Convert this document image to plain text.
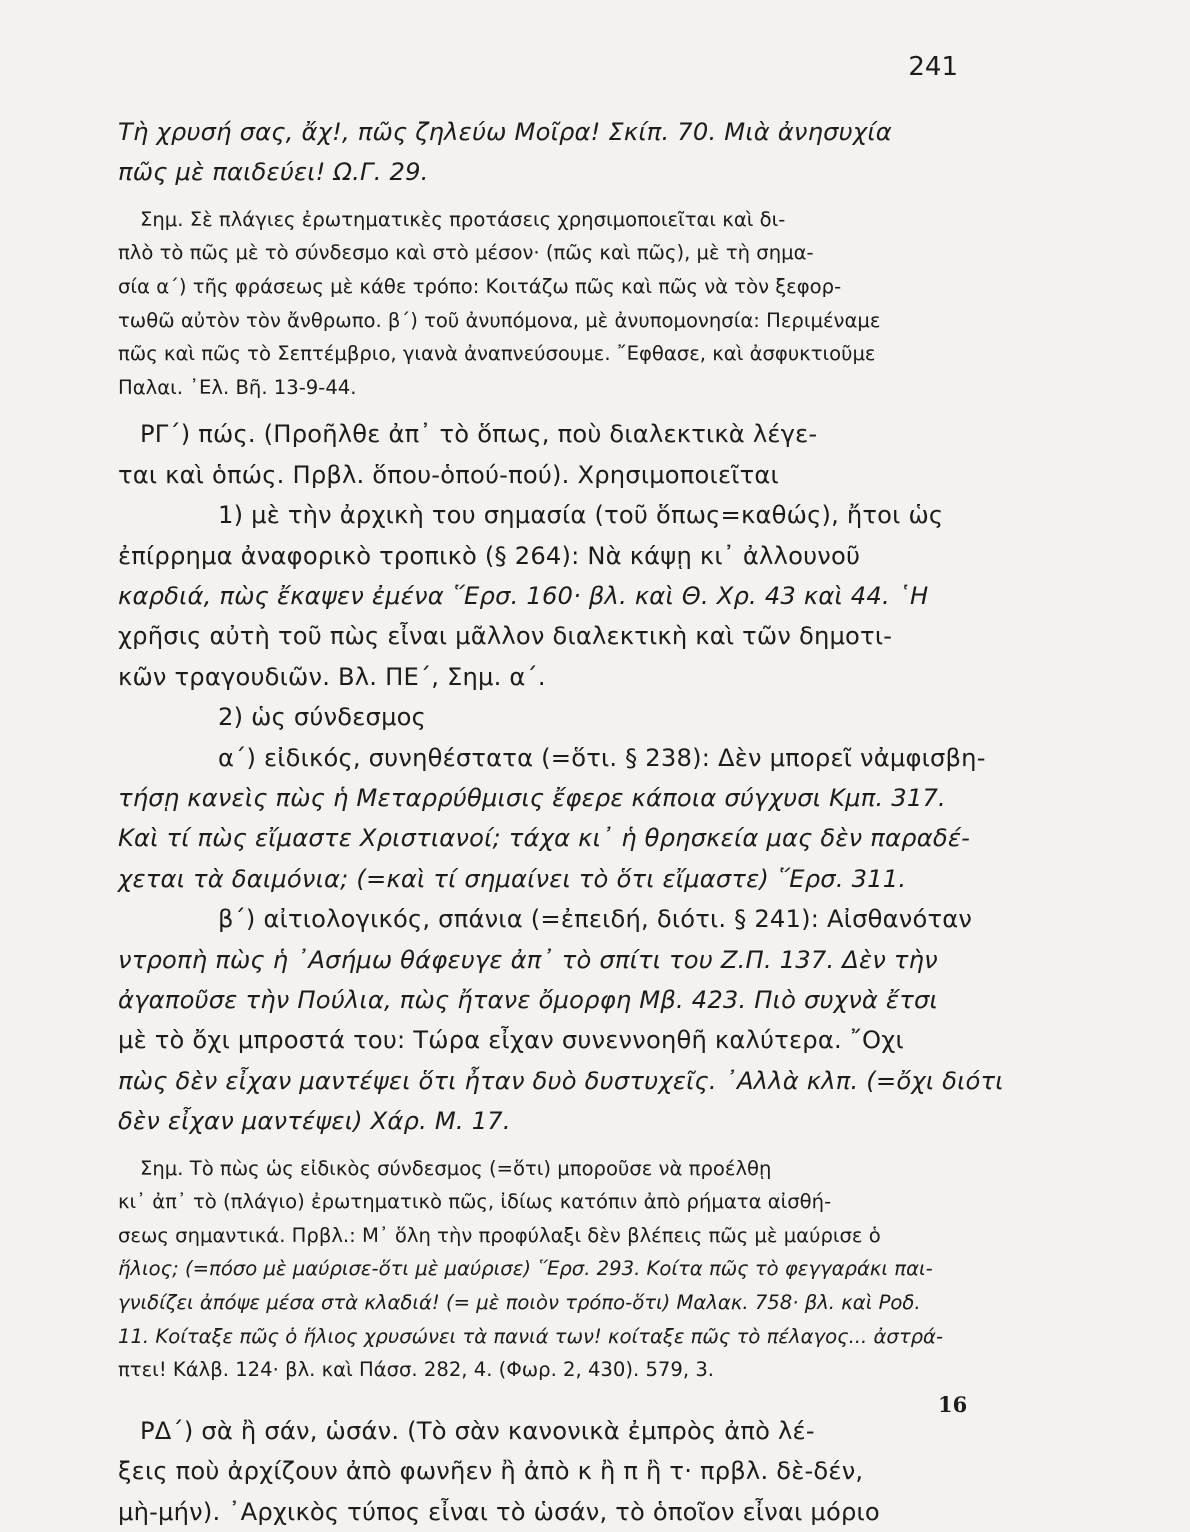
241

Τὴ χρυσή σας, ἄχ!, πῶς ζηλεύω Μοῖρα! Σκίπ. 70. Μιὰ ἀνησυχία

πῶς μὲ παιδεύει! Ω.Γ. 29.

Σημ. Σὲ πλάγιες ἐρωτηματικὲς προτάσεις χρησιμοποιεῖται καὶ δι-

πλὸ τὸ πῶς μὲ τὸ σύνδεσμο καὶ στὸ μέσον· (πῶς καὶ πῶς), μὲ τὴ σημα-

σία α΄) τῆς φράσεως μὲ κάθε τρόπο: Κοιτάζω πῶς καὶ πῶς νὰ τὸν ξεφορ-

τωθῶ αὐτὸν τὸν ἄνθρωπο. β΄) τοῦ ἀνυπόμονα, μὲ ἀνυπομονησία: Περιμέναμε

πῶς καὶ πῶς τὸ Σεπτέμβριο, γιανὰ ἀναπνεύσουμε. ῎Εφθασε, καὶ ἀσφυκτιοῦμε

Παλαι. ᾿Ελ. Βῆ. 13-9-44.

ΡΓ΄) πώς. (Προῆλθε ἀπ᾿ τὸ ὅπως, ποὺ διαλεκτικὰ λέγε-

ται καὶ ὁπώς. Πρβλ. ὅπου-ὁπού-πού). Χρησιμοποιεῖται

1) μὲ τὴν ἀρχικὴ του σημασία (τοῦ ὅπως=καθώς), ἤτοι ὡς

ἐπίρρημα ἀναφορικὸ τροπικὸ (§ 264): Νὰ κάψῃ κι᾿ ἀλλουνοῦ

καρδιά, πὼς ἔκαψεν ἐμένα ῞Ερσ. 160· βλ. καὶ Θ. Χρ. 43 καὶ 44. ῾Η

χρῆσις αὐτὴ τοῦ πὼς εἶναι μᾶλλον διαλεκτικὴ καὶ τῶν δημοτι-

κῶν τραγουδιῶν. Βλ. ΠΕ΄, Σημ. α΄.

2) ὡς σύνδεσμος

α΄) εἰδικός, συνηθέστατα (=ὅτι. § 238): Δὲν μπορεῖ νἀμφισβη-

τήσῃ κανεὶς πὼς ἡ Μεταρρύθμισις ἔφερε κάποια σύγχυσι Κμπ. 317.

Καὶ τί πὼς εἴμαστε Χριστιανοί; τάχα κι᾿ ἡ θρησκεία μας δὲν παραδέ-

χεται τὰ δαιμόνια; (=καὶ τί σημαίνει τὸ ὅτι εἴμαστε) ῞Ερσ. 311.

β΄) αἰτιολογικός, σπάνια (=ἐπειδή, διότι. § 241): Αἰσθανόταν

ντροπὴ πὼς ἡ ᾿Ασήμω θάφευγε ἀπ᾿ τὸ σπίτι του Ζ.Π. 137. Δὲν τὴν

ἀγαποῦσε τὴν Πούλια, πὼς ἤτανε ὄμορφη Μβ. 423. Πιὸ συχνὰ ἔτσι

μὲ τὸ ὄχι μπροστά του: Τώρα εἶχαν συνεννοηθῆ καλύτερα. ῎Οχι

πὼς δὲν εἶχαν μαντέψει ὅτι ἦταν δυὸ δυστυχεῖς. ᾿Αλλὰ κλπ. (=ὄχι διότι

δὲν εἶχαν μαντέψει) Χάρ. Μ. 17.

Σημ. Τὸ πὼς ὡς εἰδικὸς σύνδεσμος (=ὅτι) μποροῦσε νὰ προέλθῃ

κι᾿ ἀπ᾿ τὸ (πλάγιο) ἐρωτηματικὸ πῶς, ἰδίως κατόπιν ἀπὸ ρήματα αἰσθή-

σεως σημαντικά. Πρβλ.: Μ᾿ ὅλη τὴν προφύλαξι δὲν βλέπεις πῶς μὲ μαύρισε ὁ

ἥλιος; (=πόσο μὲ μαύρισε-ὅτι μὲ μαύρισε) ῞Ερσ. 293. Κοίτα πῶς τὸ φεγγαράκι παι-

γνιδίζει ἀπόψε μέσα στὰ κλαδιά! (= μὲ ποιὸν τρόπο-ὅτι) Μαλακ. 758· βλ. καὶ Ροδ.

11. Κοίταξε πῶς ὁ ἥλιος χρυσώνει τὰ πανιά των! κοίταξε πῶς τὸ πέλαγος... ἀστρά-

πτει! Κάλβ. 124· βλ. καὶ Πάσσ. 282, 4. (Φωρ. 2, 430). 579, 3.

ΡΔ΄) σὰ ἢ σάν, ὡσάν. (Τὸ σὰν κανονικὰ ἐμπρὸς ἀπὸ λέ-

ξεις ποὺ ἀρχίζουν ἀπὸ φωνῆεν ἢ ἀπὸ κ ἢ π ἢ τ· πρβλ. δὲ-δέν,

μὴ-μήν). ᾿Αρχικὸς τύπος εἶναι τὸ ὡσάν, τὸ ὁποῖον εἶναι μόριο

16
